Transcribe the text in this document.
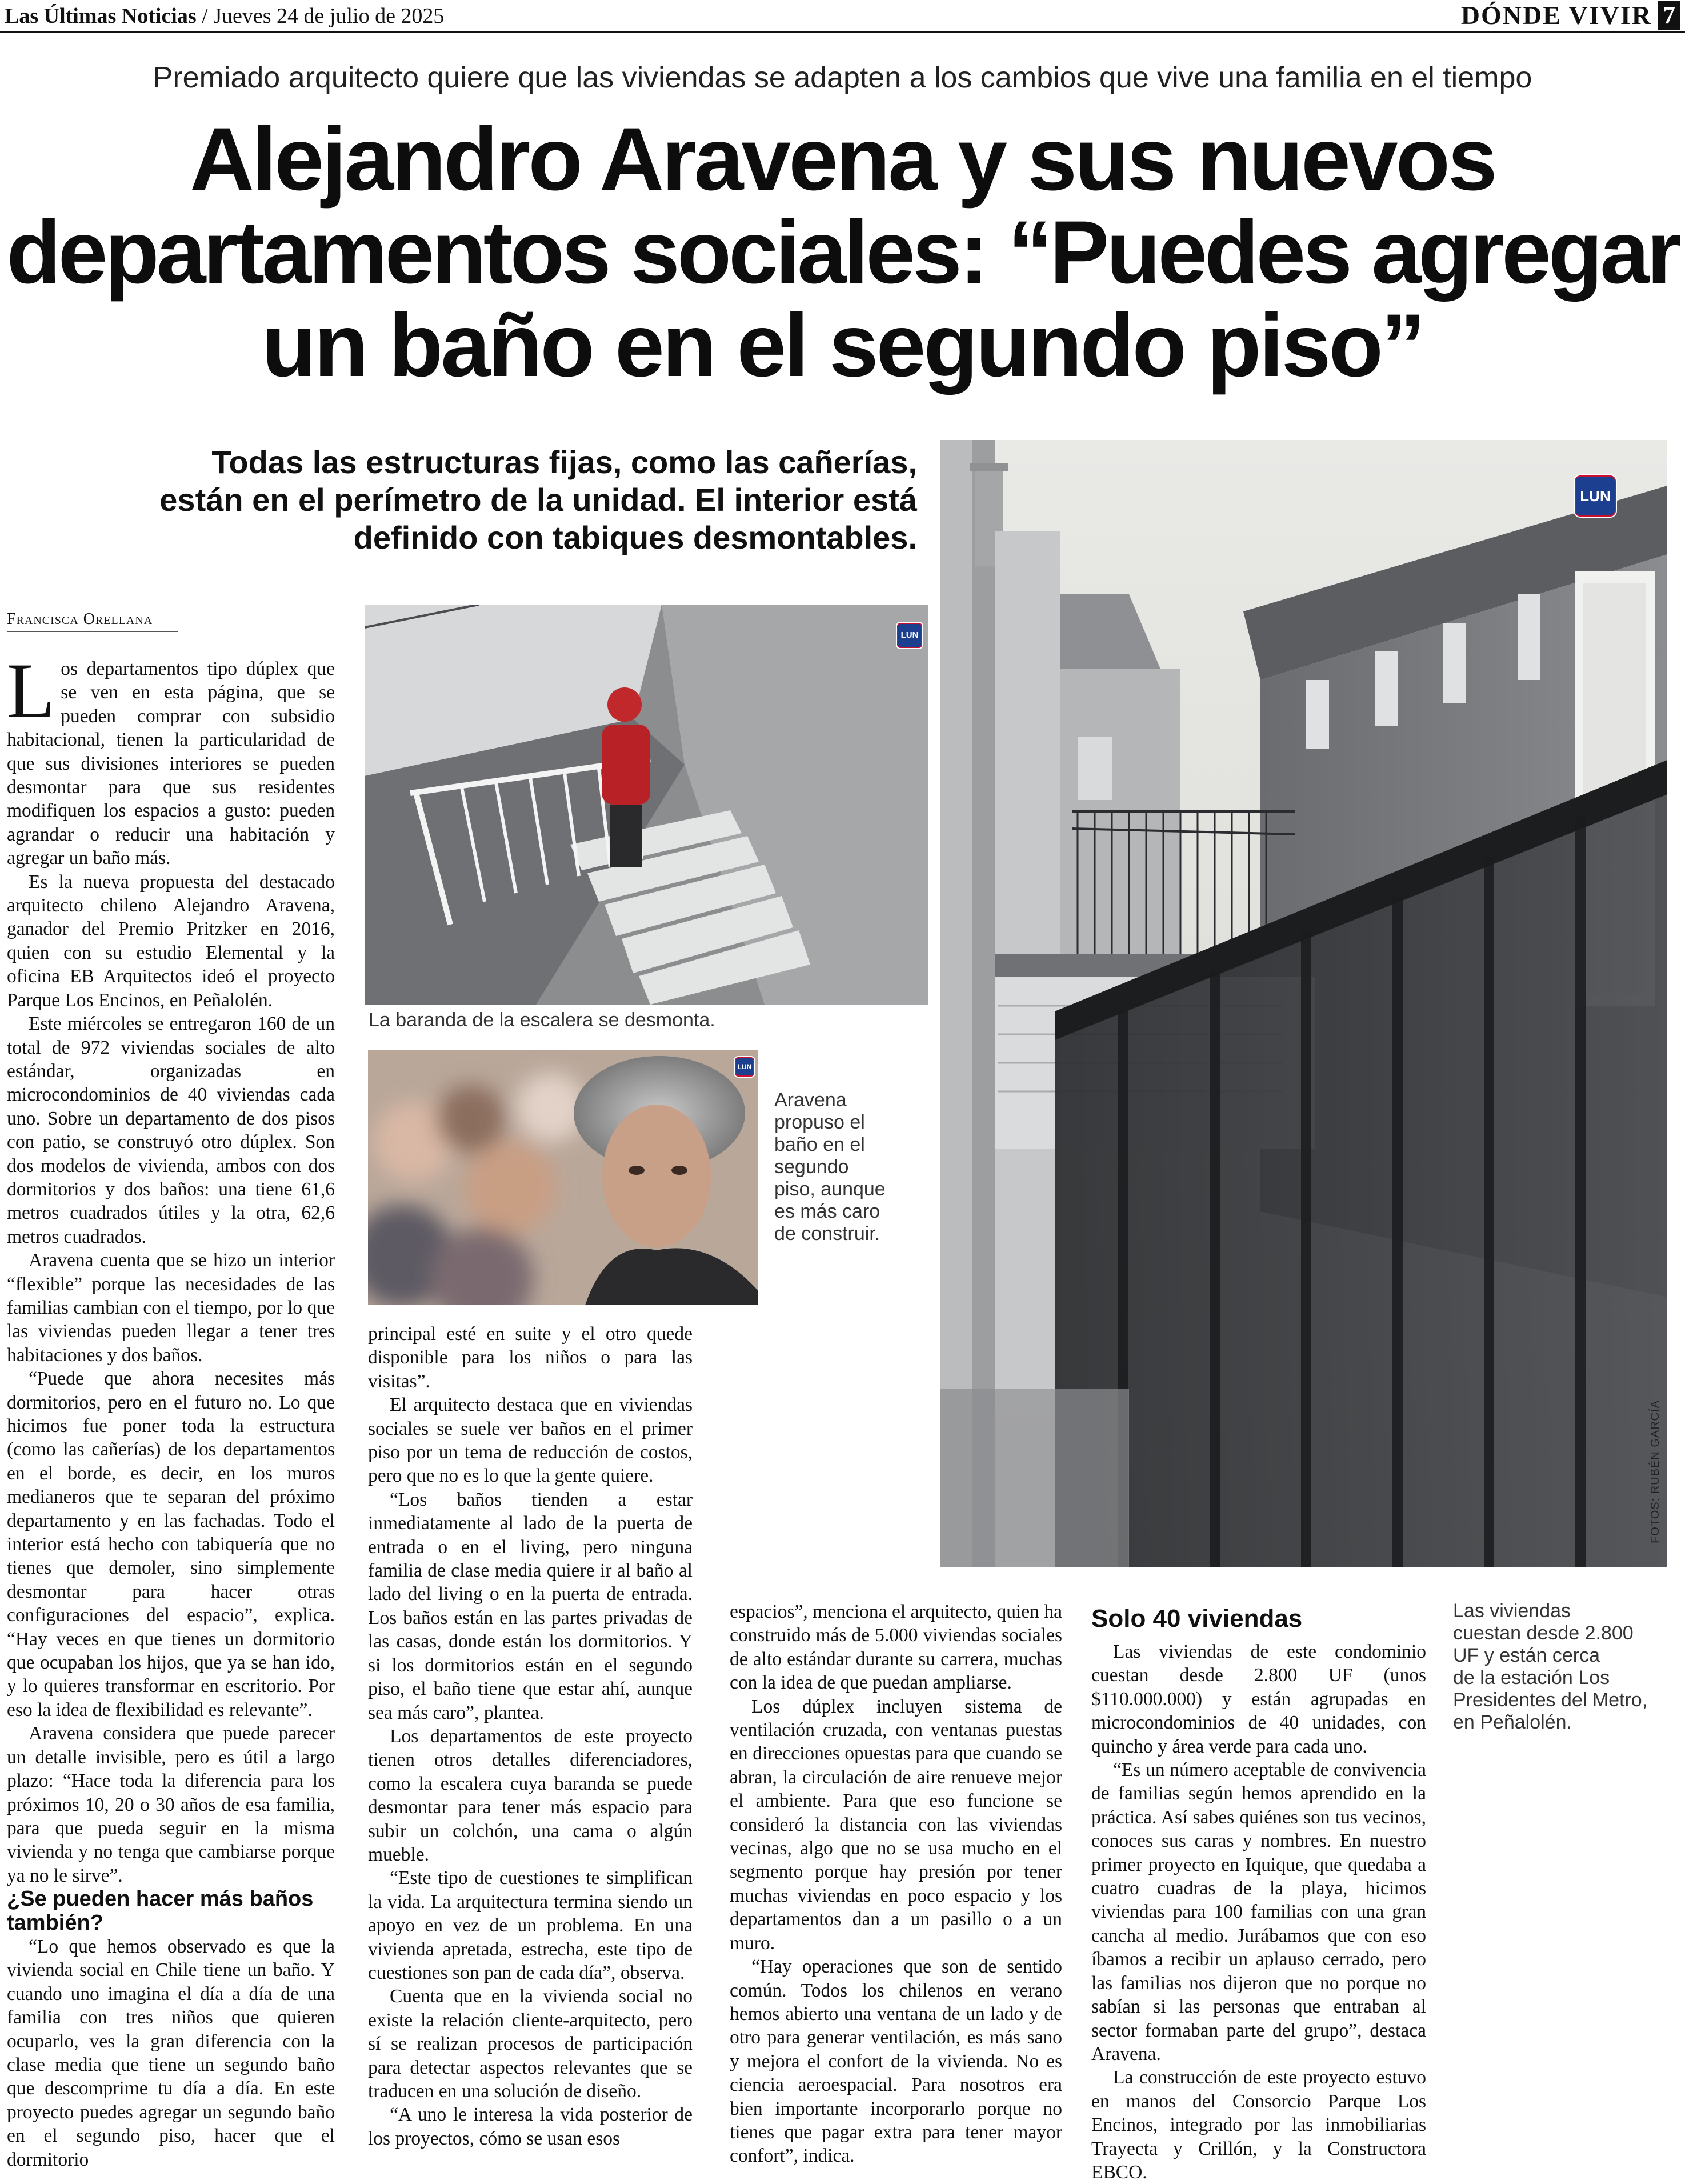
Las Últimas Noticias / Jueves 24 de julio de 2025	DÓNDE VIVIR 7
Premiado arquitecto quiere que las viviendas se adapten a los cambios que vive una familia en el tiempo
Alejandro Aravena y sus nuevos
departamentos sociales: “Puedes agregar
un baño en el segundo piso”
Todas las estructuras fijas, como las cañerías,
están en el perímetro de la unidad. El interior está
definido con tabiques desmontables.
LUN
FOTOS: RUBÉN GARCÍA
LUN
La baranda de la escalera se desmonta.
LUN
Aravena
propuso el
baño en el
segundo
piso, aunque
es más caro
de construir.
Francisca Orellana

Los departamentos tipo dúplex que se ven en esta página, que se pueden comprar con subsidio habitacional, tienen la particularidad de que sus divisiones interiores se pueden desmontar para que sus residentes modifiquen los espacios a gusto: pueden agrandar o reducir una habitación y agregar un baño más.

Es la nueva propuesta del destacado arquitecto chileno Alejandro Aravena, ganador del Premio Pritzker en 2016, quien con su estudio Elemental y la oficina EB Arquitectos ideó el proyecto Parque Los Encinos, en Peñalolén.

Este miércoles se entregaron 160 de un total de 972 viviendas sociales de alto estándar, organizadas en microcondominios de 40 viviendas cada uno. Sobre un departamento de dos pisos con patio, se construyó otro dúplex. Son dos modelos de vivienda, ambos con dos dormitorios y dos baños: una tiene 61,6 metros cuadrados útiles y la otra, 62,6 metros cuadrados.

Aravena cuenta que se hizo un interior “flexible” porque las necesidades de las familias cambian con el tiempo, por lo que las viviendas pueden llegar a tener tres habitaciones y dos baños.

“Puede que ahora necesites más dormitorios, pero en el futuro no. Lo que hicimos fue poner toda la estructura (como las cañerías) de los departamentos en el borde, es decir, en los muros medianeros que te separan del próximo departamento y en las fachadas. Todo el interior está hecho con tabiquería que no tienes que demoler, sino simplemente desmontar para hacer otras configuraciones del espacio”, explica. “Hay veces en que tienes un dormitorio que ocupaban los hijos, que ya se han ido, y lo quieres transformar en escritorio. Por eso la idea de flexibilidad es relevante”.

Aravena considera que puede parecer un detalle invisible, pero es útil a largo plazo: “Hace toda la diferencia para los próximos 10, 20 o 30 años de esa familia, para que pueda seguir en la misma vivienda y no tenga que cambiarse porque ya no le sirve”.

¿Se pueden hacer más baños también?

“Lo que hemos observado es que la vivienda social en Chile tiene un baño. Y cuando uno imagina el día a día de una familia con tres niños que quieren ocuparlo, ves la gran diferencia con la clase media que tiene un segundo baño que descomprime tu día a día. En este proyecto puedes agregar un segundo baño en el segundo piso, hacer que el dormitorio

principal esté en suite y el otro quede disponible para los niños o para las visitas”.

El arquitecto destaca que en viviendas sociales se suele ver baños en el primer piso por un tema de reducción de costos, pero que no es lo que la gente quiere.

“Los baños tienden a estar inmediatamente al lado de la puerta de entrada o en el living, pero ninguna familia de clase media quiere ir al baño al lado del living o en la puerta de entrada. Los baños están en las partes privadas de las casas, donde están los dormitorios. Y si los dormitorios están en el segundo piso, el baño tiene que estar ahí, aunque sea más caro”, plantea.

Los departamentos de este proyecto tienen otros detalles diferenciadores, como la escalera cuya baranda se puede desmontar para tener más espacio para subir un colchón, una cama o algún mueble.

“Este tipo de cuestiones te simplifican la vida. La arquitectura termina siendo un apoyo en vez de un problema. En una vivienda apretada, estrecha, este tipo de cuestiones son pan de cada día”, observa.

Cuenta que en la vivienda social no existe la relación cliente-arquitecto, pero sí se realizan procesos de participación para detectar aspectos relevantes que se traducen en una solución de diseño.

“A uno le interesa la vida posterior de los proyectos, cómo se usan esos

espacios”, menciona el arquitecto, quien ha construido más de 5.000 viviendas sociales de alto estándar durante su carrera, muchas con la idea de que puedan ampliarse.

Los dúplex incluyen sistema de ventilación cruzada, con ventanas puestas en direcciones opuestas para que cuando se abran, la circulación de aire renueve mejor el ambiente. Para que eso funcione se consideró la distancia con las viviendas vecinas, algo que no se usa mucho en el segmento porque hay presión por tener muchas viviendas en poco espacio y los departamentos dan a un pasillo o a un muro.

“Hay operaciones que son de sentido común. Todos los chilenos en verano hemos abierto una ventana de un lado y de otro para generar ventilación, es más sano y mejora el confort de la vivienda. No es ciencia aeroespacial. Para nosotros era bien importante incorporarlo porque no tienes que pagar extra para tener mayor confort”, indica.

Solo 40 viviendas

Las viviendas de este condominio cuestan desde 2.800 UF (unos $110.000.000) y están agrupadas en microcondominios de 40 unidades, con quincho y área verde para cada uno.

“Es un número aceptable de convivencia de familias según hemos aprendido en la práctica. Así sabes quiénes son tus vecinos, conoces sus caras y nombres. En nuestro primer proyecto en Iquique, que quedaba a cuatro cuadras de la playa, hicimos viviendas para 100 familias con una gran cancha al medio. Jurábamos que con eso íbamos a recibir un aplauso cerrado, pero las familias nos dijeron que no porque no sabían si las personas que entraban al sector formaban parte del grupo”, destaca Aravena.

La construcción de este proyecto estuvo en manos del Consorcio Parque Los Encinos, integrado por las inmobiliarias Trayecta y Crillón, y la Constructora EBCO.

Las viviendas
cuestan desde 2.800
UF y están cerca
de la estación Los
Presidentes del Metro,
en Peñalolén.
